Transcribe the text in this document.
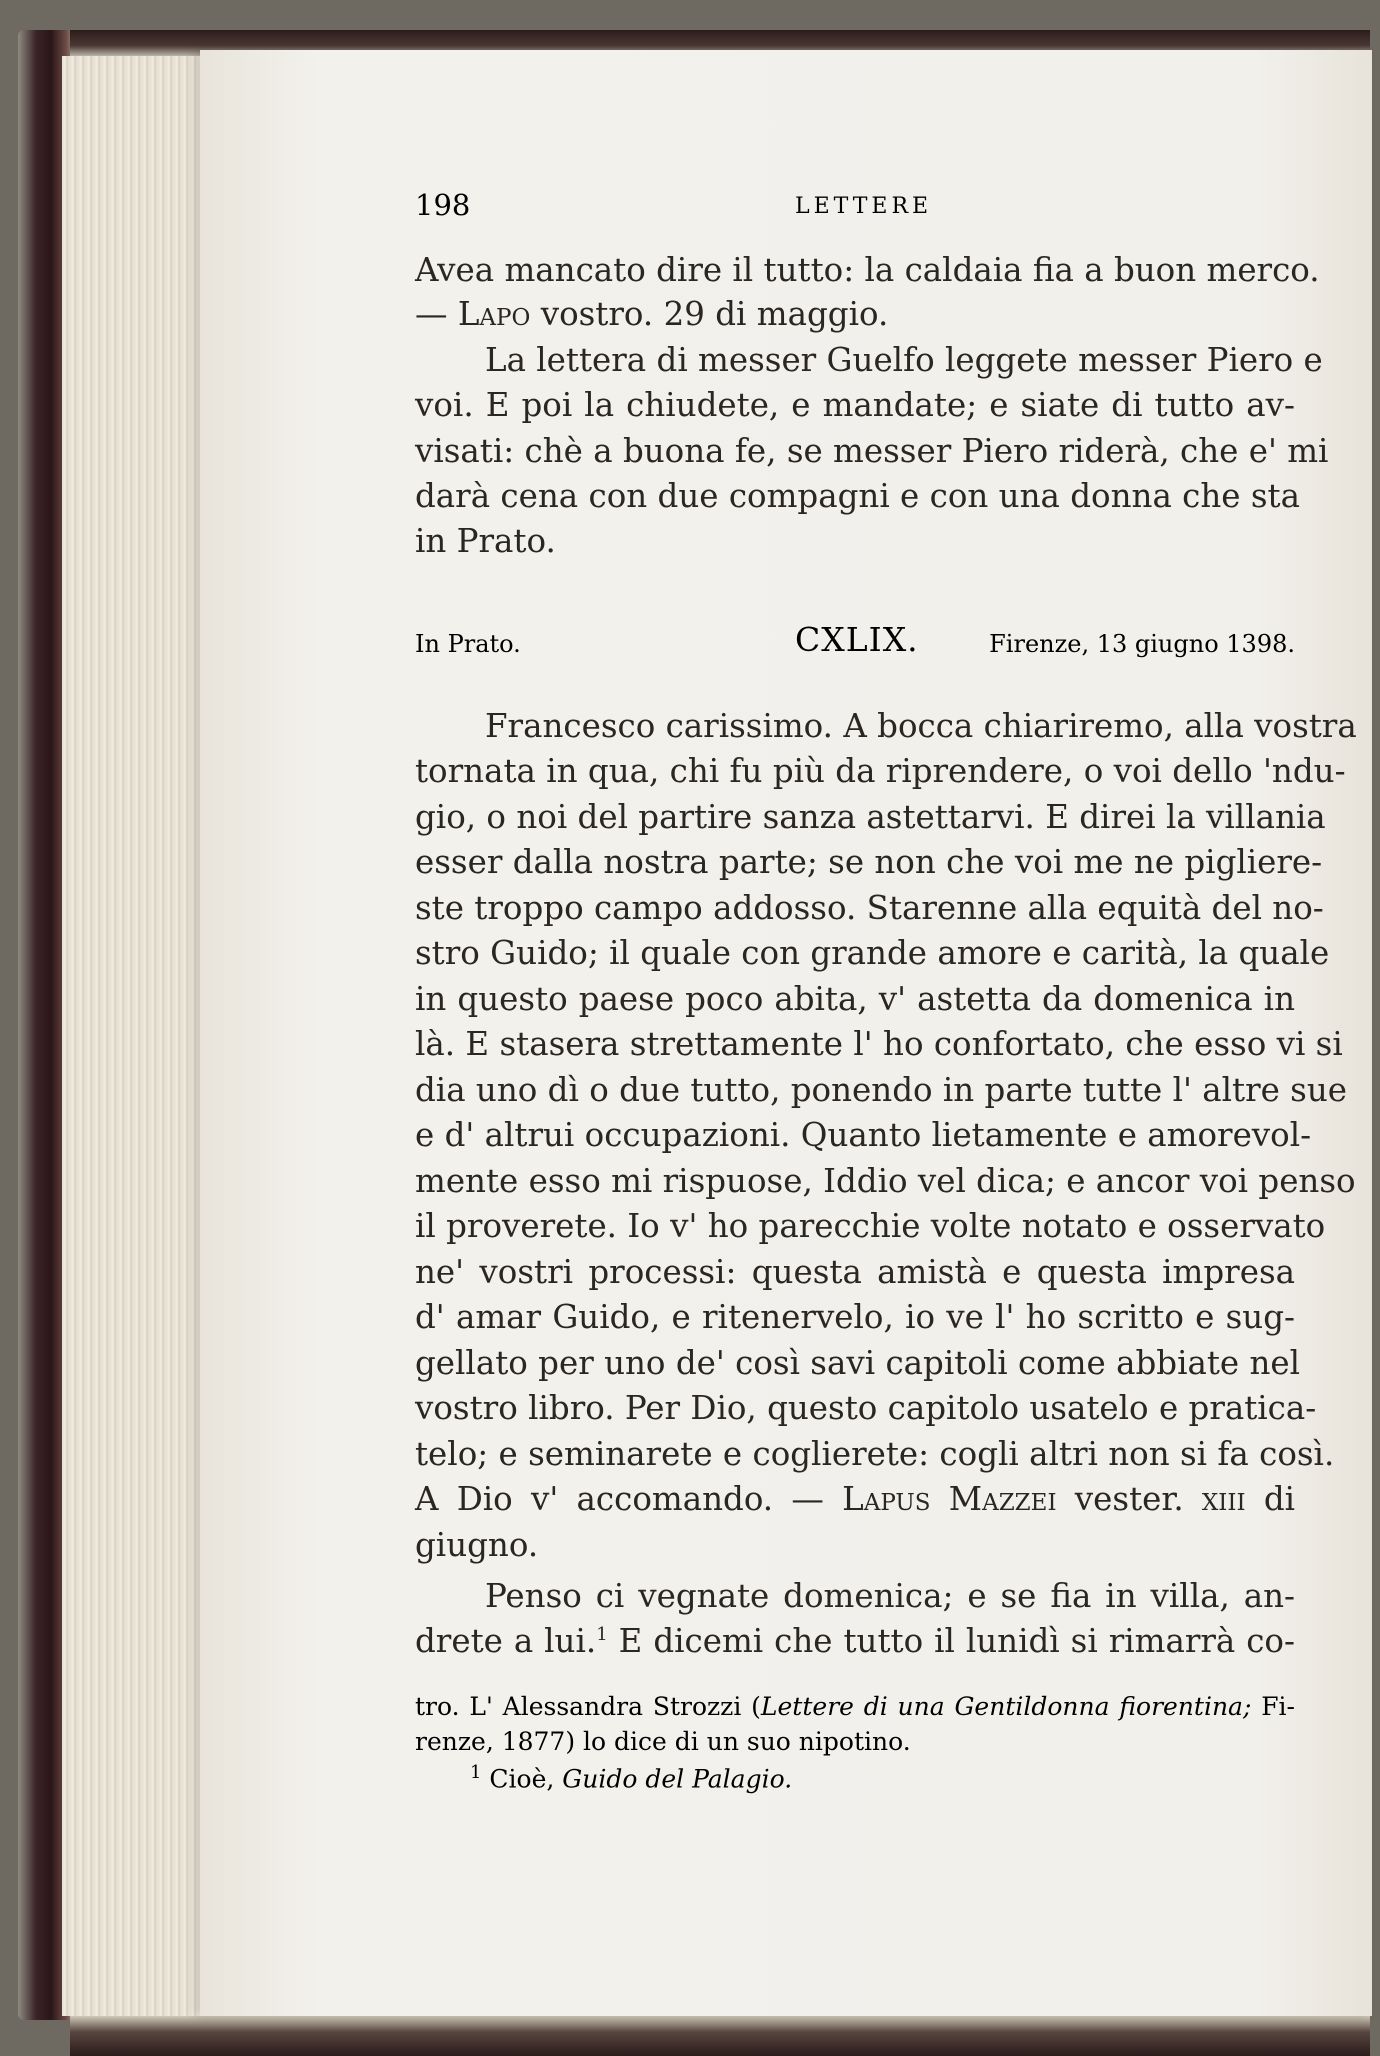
198	LETTERE
Avea mancato dire il tutto: la caldaia fia a buon merco.
— Lapo vostro. 29 di maggio.
La lettera di messer Guelfo leggete messer Piero e
voi. E poi la chiudete, e mandate; e siate di tutto av-
visati: chè a buona fe, se messer Piero riderà, che e' mi
darà cena con due compagni e con una donna che sta
in Prato.
In Prato.	CXLIX.	Firenze, 13 giugno 1398.
Francesco carissimo. A bocca chiariremo, alla vostra
tornata in qua, chi fu più da riprendere, o voi dello 'ndu-
gio, o noi del partire sanza astettarvi. E direi la villania
esser dalla nostra parte; se non che voi me ne pigliere-
ste troppo campo addosso. Starenne alla equità del no-
stro Guido; il quale con grande amore e carità, la quale
in questo paese poco abita, v' astetta da domenica in
là. E stasera strettamente l' ho confortato, che esso vi si
dia uno dì o due tutto, ponendo in parte tutte l' altre sue
e d' altrui occupazioni. Quanto lietamente e amorevol-
mente esso mi rispuose, Iddio vel dica; e ancor voi penso
il proverete. Io v' ho parecchie volte notato e osservato
ne' vostri processi: questa amistà e questa impresa
d' amar Guido, e ritenervelo, io ve l' ho scritto e sug-
gellato per uno de' così savi capitoli come abbiate nel
vostro libro. Per Dio, questo capitolo usatelo e pratica-
telo; e seminarete e coglierete: cogli altri non si fa così.
A Dio v' accomando. — Lapus Mazzei vester. xiii di
giugno.
Penso ci vegnate domenica; e se fia in villa, an-
drete a lui.$^1$ E dicemi che tutto il lunidì si rimarrà co-
tro. L' Alessandra Strozzi (Lettere di una Gentildonna fiorentina; Fi-
renze, 1877) lo dice di un suo nipotino.
$^1$ Cioè, Guido del Palagio.
